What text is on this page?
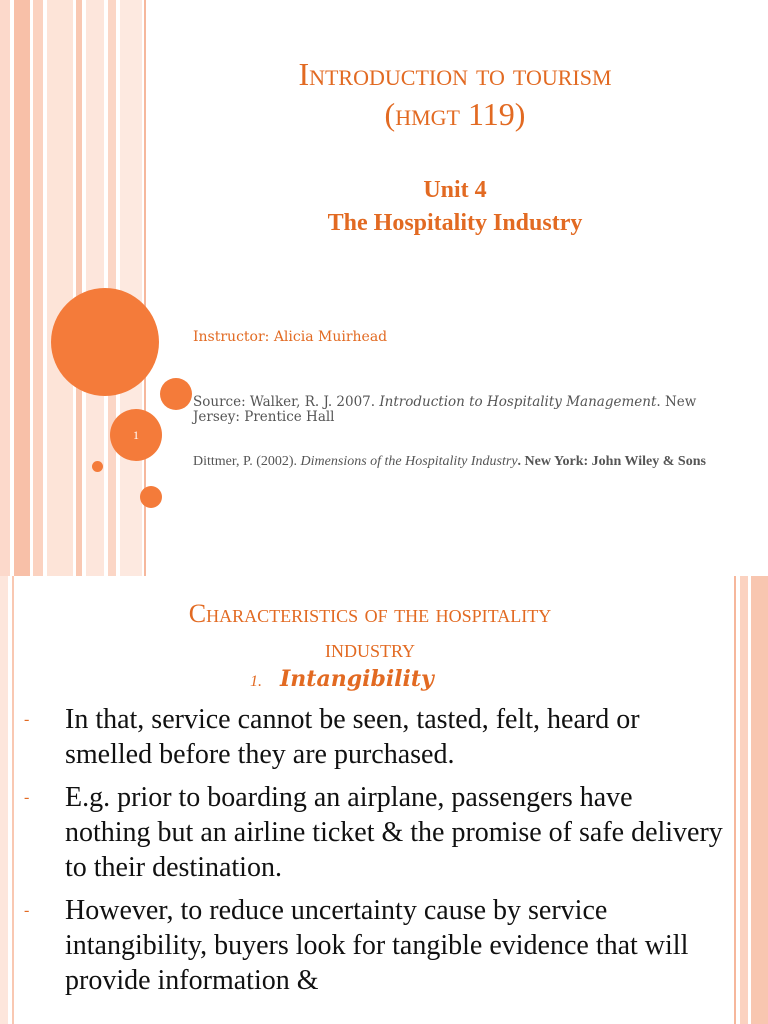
1
Introduction to tourism
(hmgt 119)
Unit 4
The Hospitality Industry
Instructor: Alicia Muirhead
Source: Walker, R. J. 2007. Introduction to Hospitality Management. New Jersey: Prentice Hall
Dittmer, P. (2002). Dimensions of the Hospitality Industry. New York: John Wiley & Sons
Characteristics of the hospitality
industry
1. Intangibility
- In that, service cannot be seen, tasted, felt, heard or smelled before they are purchased.
- E.g. prior to boarding an airplane, passengers have nothing but an airline ticket & the promise of safe delivery to their destination.
- However, to reduce uncertainty cause by service intangibility, buyers look for tangible evidence that will provide information &
